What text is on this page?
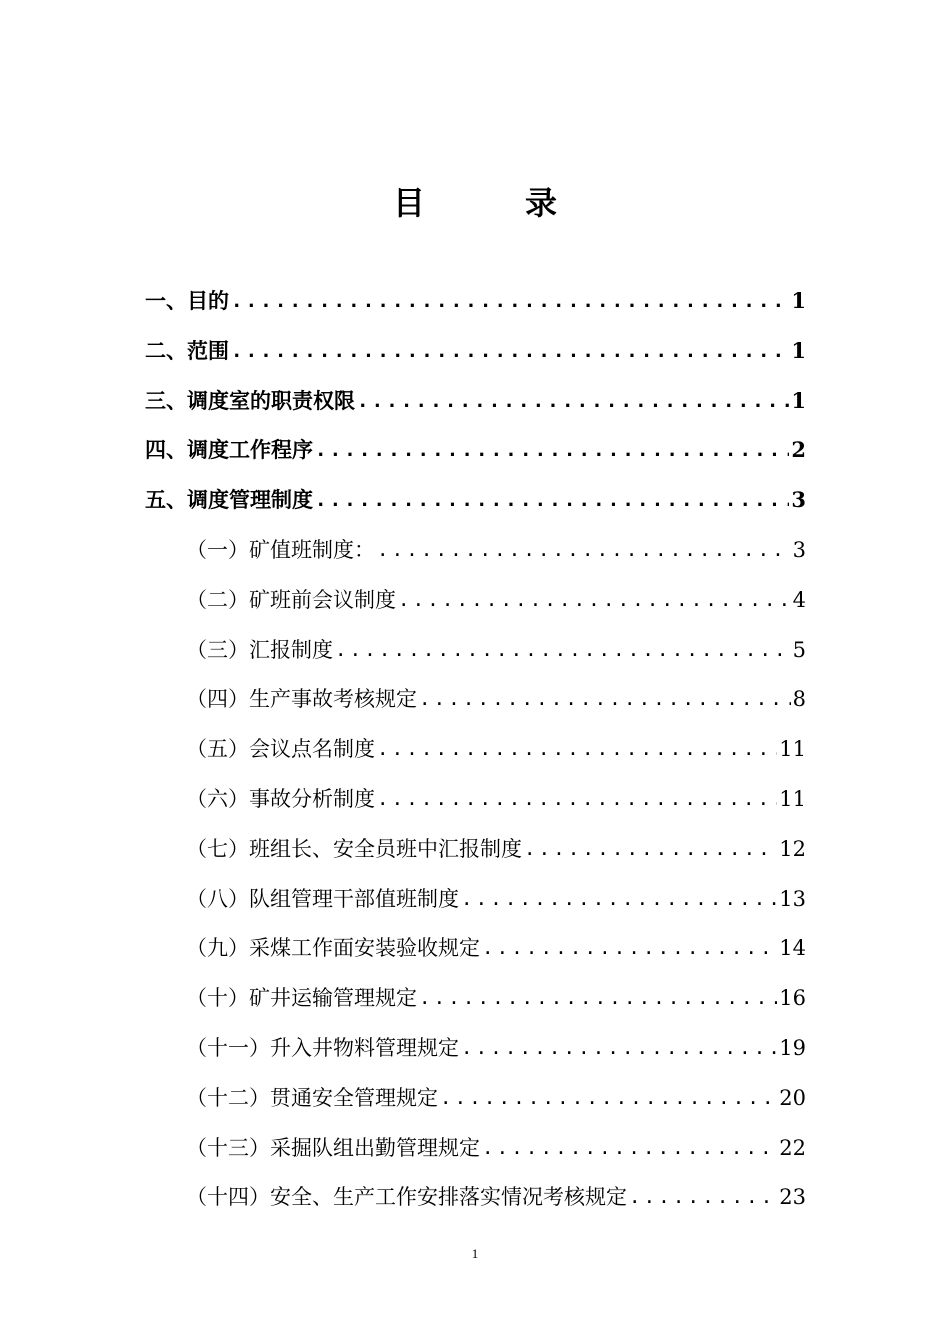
目　录
一、目的 .....	1
二、范围 .....	1
三、调度室的职责权限 .....	1
四、调度工作程序 .....	2
五、调度管理制度 .....	3
（一）矿值班制度： .....	3
（二）矿班前会议制度 .....	4
（三）汇报制度 .....	5
（四）生产事故考核规定 .....	8
（五）会议点名制度 .....	11
（六）事故分析制度 .....	11
（七）班组长、安全员班中汇报制度 .....	12
（八）队组管理干部值班制度 .....	13
（九）采煤工作面安装验收规定 .....	14
（十）矿井运输管理规定 .....	16
（十一）升入井物料管理规定 .....	19
（十二）贯通安全管理规定 .....	20
（十三）采掘队组出勤管理规定 .....	22
（十四）安全、生产工作安排落实情况考核规定 .....	23
1
